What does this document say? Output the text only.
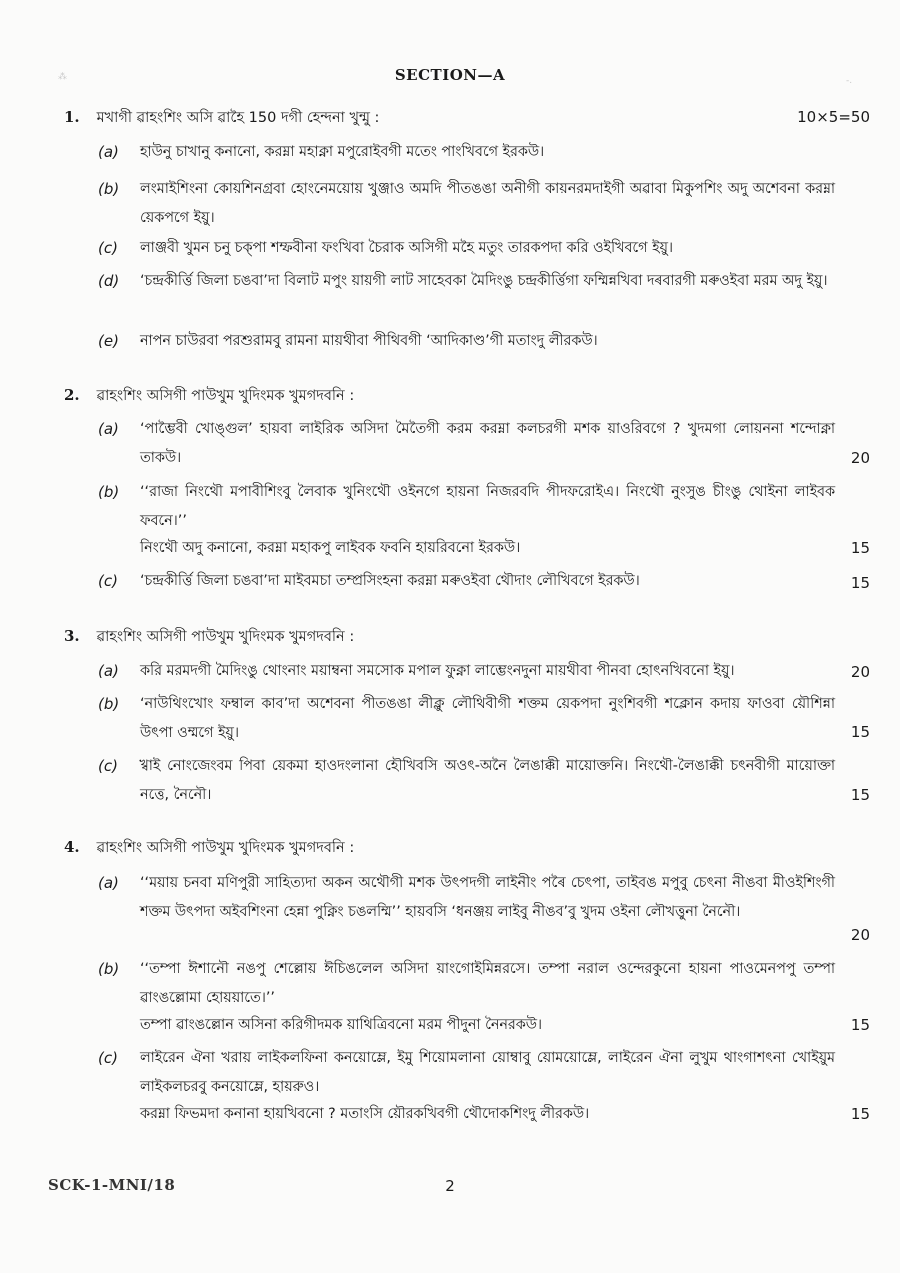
⁂	-.
SECTION—A
1. মখাগী ৱাহংশিং অসি ৱাহৈ 150 দগী হেন্দনা খুন্মু :	10×5=50
(a) হাউনু চাখানু কনানো, করম্না মহাক্না মপুরোইবগী মতেং পাংখিবগে ইরকউ।
(b) লংমাইশিংনা কোয়শিনগ্রবা হোংনেময়োয় খুঞ্জাও অমদি পীতঙঙা অনীগী কায়নরমদাইগী অৱাবা মিকুপশিং অদু অশেবনা করম্না য়েকপগে ইয়ু।
(c) লাঞ্জবী খুমন চনু চক্পা শম্ফবীনা ফংখিবা চৈরাক অসিগী মহৈ মতুং তারকপদা করি ওইখিবগে ইয়ু।
(d) ‘চন্দ্রকীর্ত্তি জিলা চঙবা’দা বিলাট মপুং য়ায়গী লাট সাহেবকা মৈদিংঙু চন্দ্রকীর্ত্তিগা ফম্মিন্নখিবা দৰবারগী মৰুওইবা মরম অদু ইয়ু।
(e) নাপন চাউরবা পরশুরামবু রামনা মায়থীবা পীথিবগী ‘আদিকাণ্ড’গী মতাংদু লীরকউ।
2. ৱাহংশিং অসিগী পাউখুম খুদিংমক খুমগদবনি :
(a) ‘পাম্ভৈবী খোঙ্গুল’ হায়বা লাইরিক অসিদা মৈতৈগী করম করম্না কলচরগী মশক য়াওরিবগে ? খুদমগা লোয়ননা শন্দোক্না তাকউ।	20
(b) ‘‘রাজা নিংথৌ মপাবীশিংবু লৈবাক খুনিংথৌ ওইনগে হায়না নিজরবদি পীদফরোইএ। নিংথৌ নুংসুঙ চীংঙু থোইনা লাইবক ফবনে।’’
নিংথৌ অদু কনানো, করম্না মহাকপু লাইবক ফবনি হায়রিবনো ইরকউ।	15
(c) ‘চন্দ্রকীর্ত্তি জিলা চঙবা’দা মাইবমচা তম্প্রসিংহনা করম্না মৰুওইবা থৌদাং লৌখিবগে ইরকউ।	15
3. ৱাহংশিং অসিগী পাউখুম খুদিংমক খুমগদবনি :
(a) করি মরমদগী মৈদিংঙু থোংনাং ময়াম্বনা সমসোক মপাল ফুক্না লাম্ভেংনদুনা মায়থীবা পীনবা হোৎনখিবনো ইয়ু।	20
(b) ‘নাউথিংখোং ফম্বাল কাব’দা অশেবনা পীতঙঙা লীক্লু লৌথিবীগী শক্তম য়েকপদা নুংশিবগী শক্লোন কদায় ফাওবা য়ৌশিন্না উৎপা ওম্মগে ইয়ু।	15
(c) খ্বাই নোংজেংবম পিবা য়েকমা হাওদংলানা হৌখিবসি অওৎ-অনৈ লৈঙাক্কী মায়োক্তনি। নিংথৌ-লৈঙাক্কী চৎনবীগী মায়োক্তা নত্তে, নৈনৌ।	15
4. ৱাহংশিং অসিগী পাউখুম খুদিংমক খুমগদবনি :
(a) ‘‘ময়ায় চনবা মণিপুরী সাহিত্যদা অকন অথৌগী মশক উৎপদগী লাইনীং পৰৈ চেৎপা, তাইবঙ মপুবু চেৎনা নীঙবা মীওইশিংগী শক্তম উৎপদা অইবশিংনা হেন্না পুক্নিং চঙলম্মি’’ হায়বসি ‘ধনঞ্জয় লাইবু নীঙব’বু খুদম ওইনা লৌখত্তুনা নৈনৌ।
20
(b) ‘‘তম্পা ঈশানৌ নঙপু শেল্লোয় ঈচিঙলেল অসিদা য়াংগোইমিন্নরসে। তম্পা নরাল ওন্দেরকুনো হায়না পাওমেনপপু তম্পা ৱাংঙল্লোমা হোয়য়াতে।’’
তম্পা ৱাংঙল্লোন অসিনা করিগীদমক য়াথিত্রিবনো মরম পীদুনা নৈনরকউ।	15
(c) লাইরেন ঐনা খরায় লাইকলফিনা কনয়োম্লে, ইমু শিয়োমলানা য়োম্বাবু য়োময়োম্লে, লাইরেন ঐনা লুখুম থাংগাশৎনা খোইয়ুম লাইকলচরবু কনয়োম্লে, হায়রুও।
করম্না ফিভমদা কনানা হায়খিবনো ? মতাংসি য়ৌরকখিবগী থৌদোকশিংদু লীরকউ।	15
SCK-1-MNI/18	2
